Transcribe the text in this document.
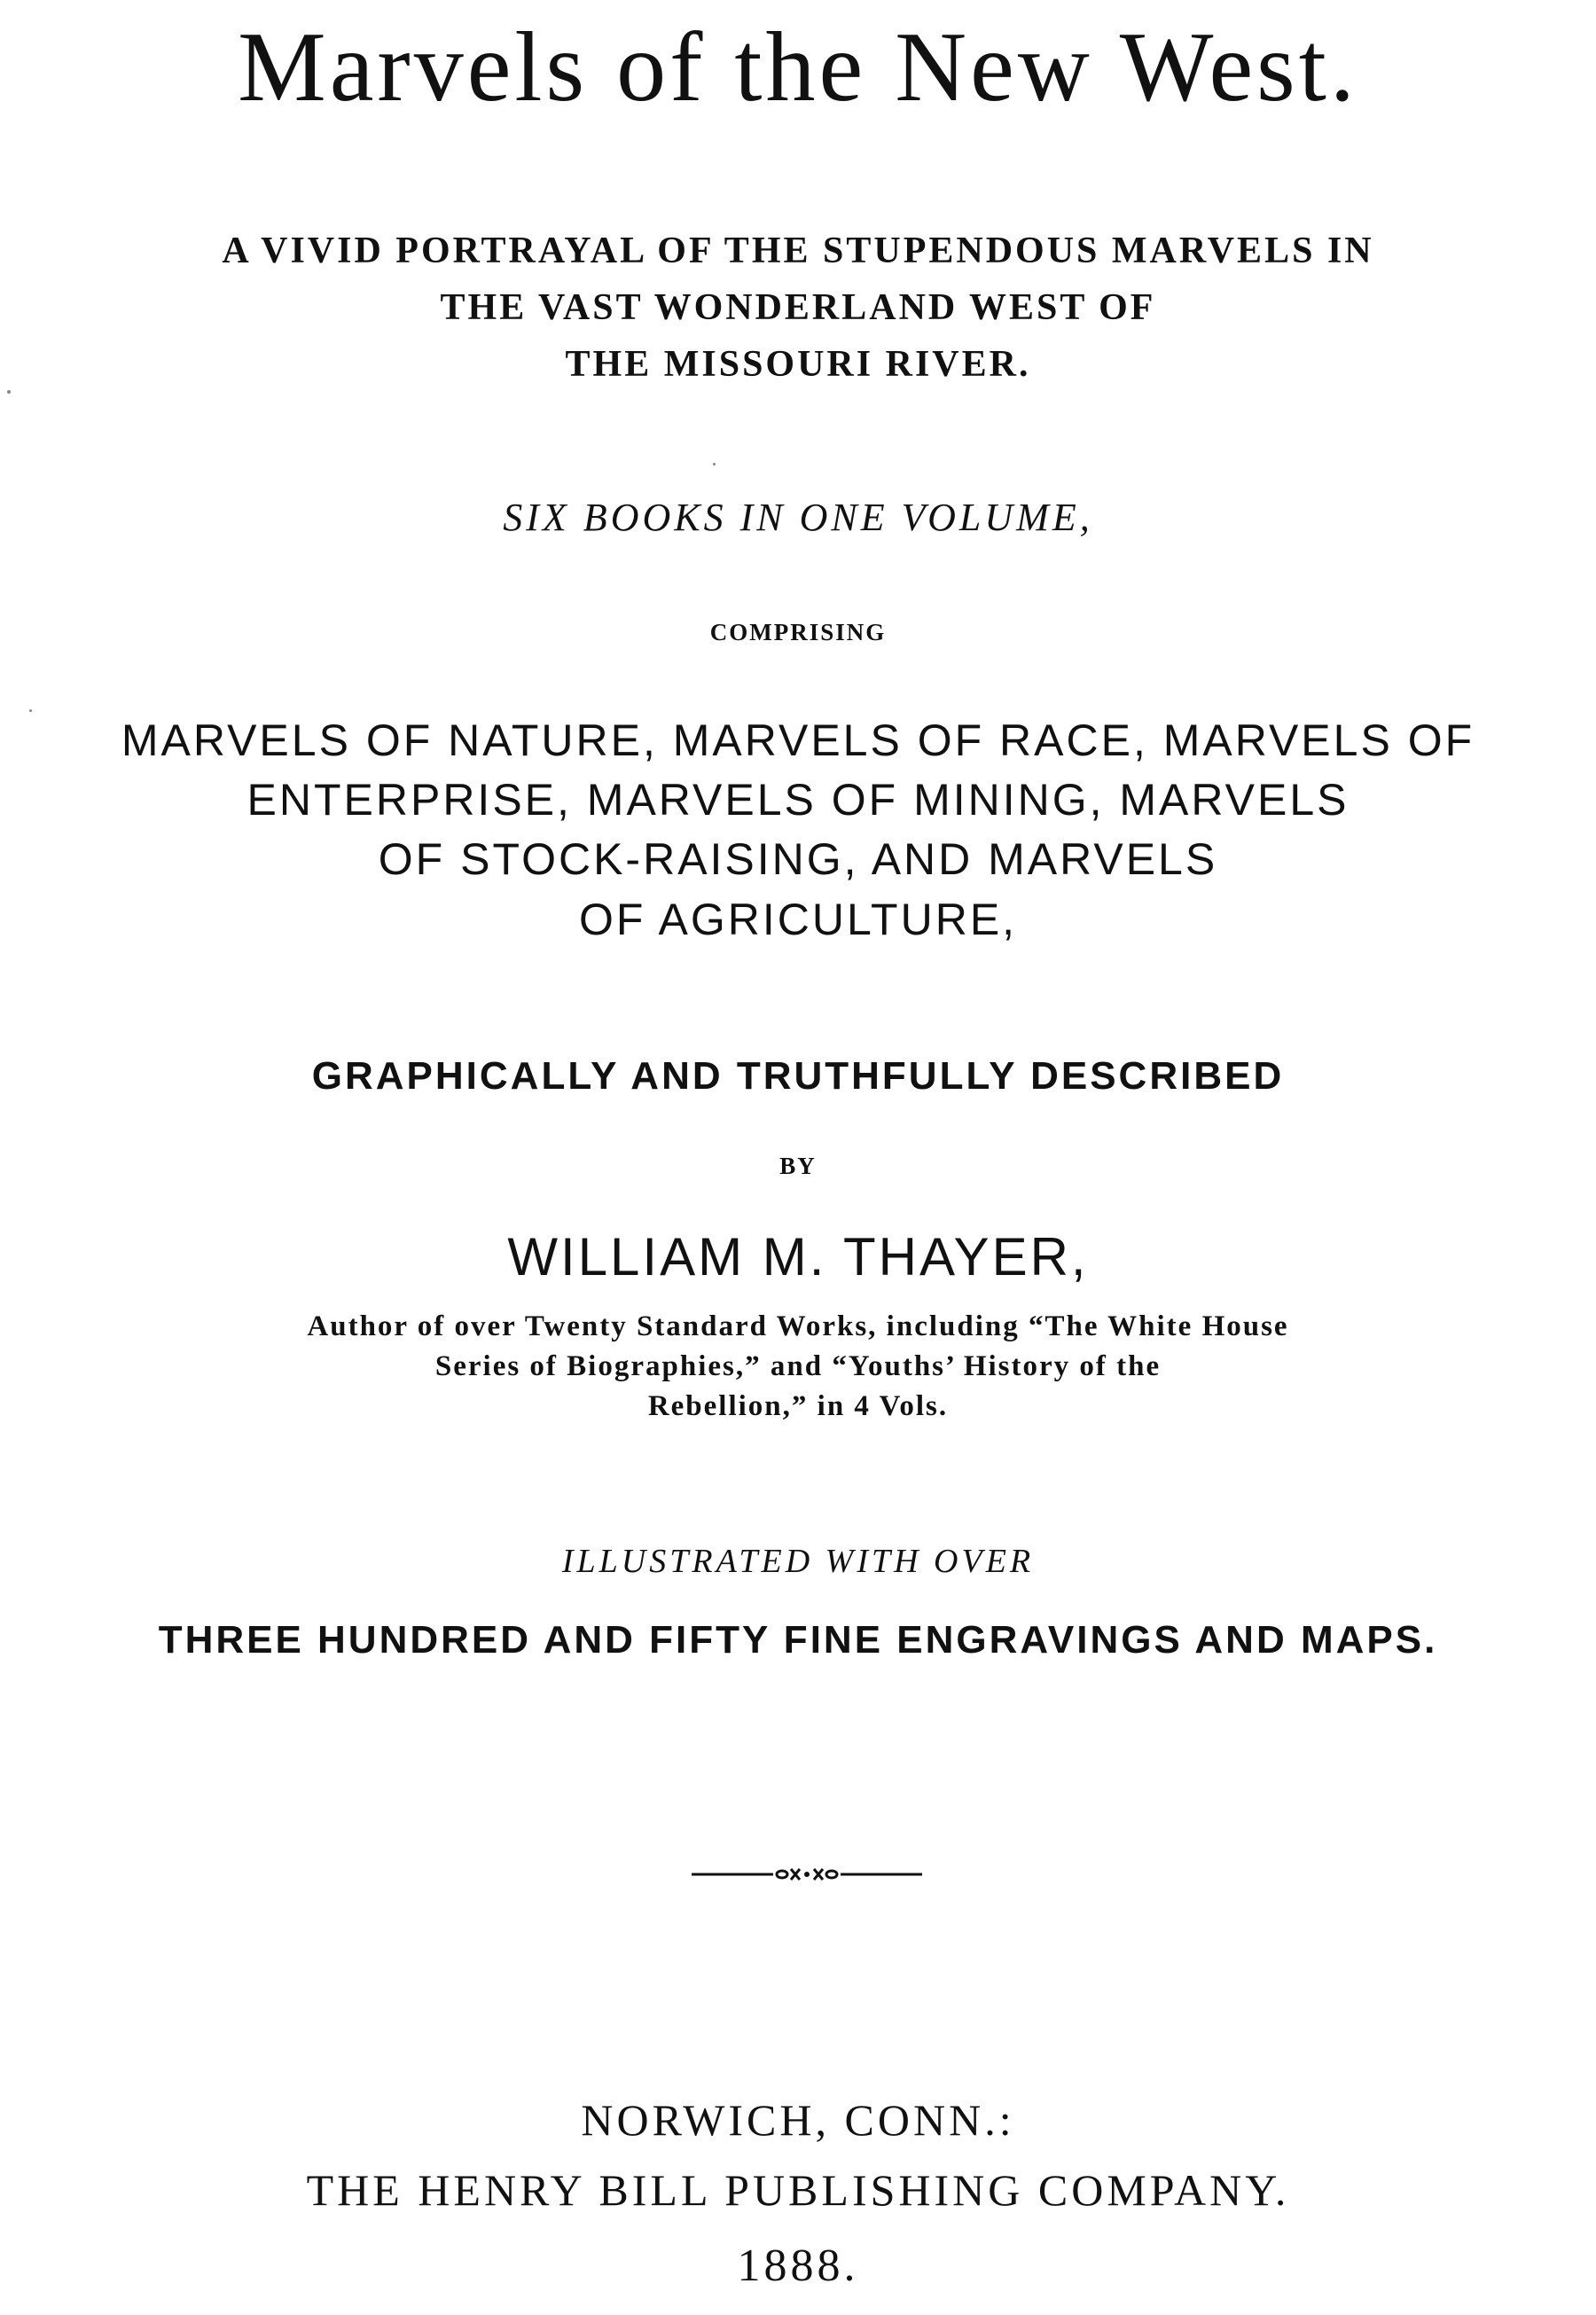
Marvels of the New West.
A VIVID PORTRAYAL OF THE STUPENDOUS MARVELS IN
THE VAST WONDERLAND WEST OF
THE MISSOURI RIVER.
SIX BOOKS IN ONE VOLUME,
COMPRISING
MARVELS OF NATURE, MARVELS OF RACE, MARVELS OF
ENTERPRISE, MARVELS OF MINING, MARVELS
OF STOCK-RAISING, AND MARVELS
OF AGRICULTURE,
GRAPHICALLY AND TRUTHFULLY DESCRIBED
BY
WILLIAM M. THAYER,
Author of over Twenty Standard Works, including “The White House
Series of Biographies,” and “Youths’ History of the
Rebellion,” in 4 Vols.
ILLUSTRATED WITH OVER
THREE HUNDRED AND FIFTY FINE ENGRAVINGS AND MAPS.
NORWICH, CONN.:
THE HENRY BILL PUBLISHING COMPANY.
1888.
